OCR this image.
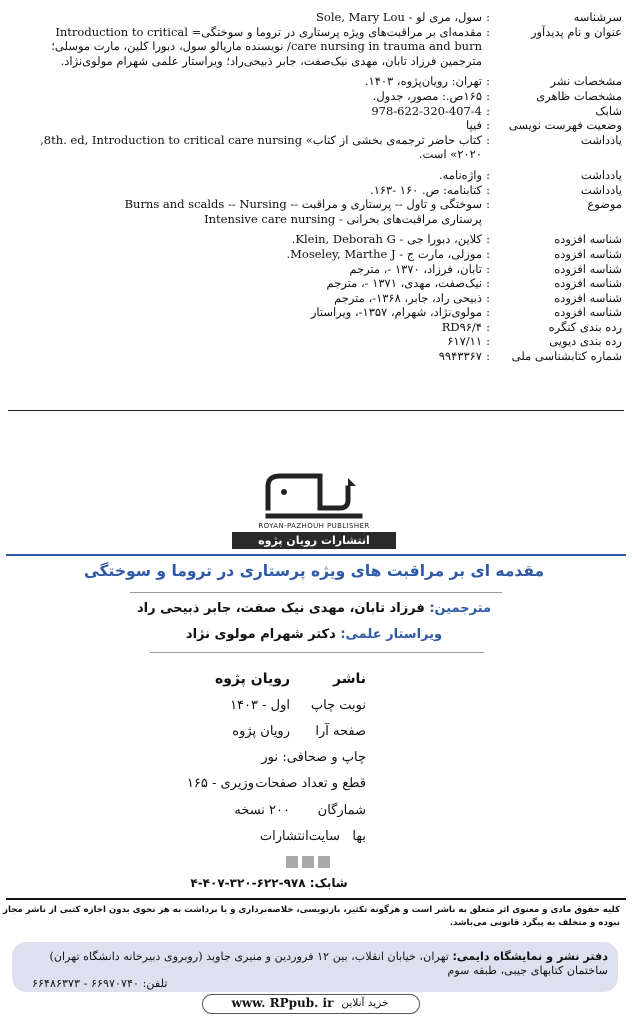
سرشناسه
:
سول، مری لو - Sole, Mary Lou
عنوان و نام پدیدآور
:
مقدمه‌ای بر مراقبت‌های ویژه پرستاری در تروما و سوختگی= Introduction to critical
care nursing in trauma and burn/ نویسنده ماریالو سول، دبورا کلین، مارت موسلی؛
مترجمین فرزاد تابان، مهدی نیک‌صفت، جابر ذبیحی‌راد؛ ویراستار علمی شهرام مولوی‌نژاد.
مشخصات نشر
:
تهران: رویان‌پژوه، ۱۴۰۳.
مشخصات ظاهری
:
۱۶۵ص.: مصور، جدول.
شابک
:
978-622-320-407-4
وضعیت فهرست نویسی
:
فیپا
یادداشت
:
کتاب حاضر ترجمه‌ی بخشی از کتاب» 8th. ed, Introduction to critical care nursing,
۲۰۲۰» است.
یادداشت
:
واژه‌نامه.
یادداشت
:
کتابنامه: ص. ۱۶۰ -۱۶۳.
موضوع
:
سوختگی و تاول -- پرستاری و مراقبت -- Burns and scalds -- Nursing
پرستاری مراقبت‌های بحرانی - Intensive care nursing
شناسه افزوده
:
کلاین، دبورا جی - Klein, Deborah G.
شناسه افزوده
:
موزلی، مارت ج - Moseley, Marthe J.
شناسه افزوده
:
تابان، فرزاد، ۱۳۷۰ -، مترجم
شناسه افزوده
:
نیک‌صفت، مهدی، ۱۳۷۱ -، مترجم
شناسه افزوده
:
ذبیحی راد، جابر، ۱۳۶۸-، مترجم
شناسه افزوده
:
مولوی‌نژاد، شهرام، ۱۳۵۷-، ویراستار
رده بندی کنگره
:
RD۹۶/۴
رده بندی دیویی
:
۶۱۷/۱۱
شماره کتابشناسی ملی
:
۹۹۴۳۳۶۷
ROYAN-PAZHOUH PUBLISHER
انتشارات رویان پژوه
مقدمه ای بر مراقبت های ویژه پرستاری در تروما و سوختگی
مترجمین: فرزاد تابان، مهدی نیک صفت، جابر ذبیحی راد
ویراستار علمی: دکتر شهرام مولوی نژاد
ناشر
رویان پژوه
نوبت چاپ
اول - ۱۴۰۳
صفحه آرا
رویان پژوه
چاپ و صحافی:
نور
قطع و تعداد صفحات
وزیری - ۱۶۵
شمارگان
۲۰۰ نسخه
بها
سایت‌انتشارات
شابک: ۹۷۸-۶۲۲-۳۲۰-۴۰۷-۴
کلیه حقوق مادی و معنوی اثر متعلق به ناشر است و هرگونه تکثیر، بازنویسی، خلاصه‌برداری و یا برداشت به هر نحوی بدون اجازه کتبی از ناشر مجاز
نبوده و متخلف به پیگرد قانونی می‌باشد.
دفتر نشر و نمایشگاه دایمی: تهران، خیابان انقلاب، بین ۱۲ فروردین و منیری جاوید (روبروی دبیرخانه دانشگاه تهران)
ساختمان کتابهای جیبی، طبقه سوم
تلفن: ۶۶۹۷۰۷۴۰ - ۶۶۴۸۶۳۷۳
خرید آنلاین
www. RPpub. ir
